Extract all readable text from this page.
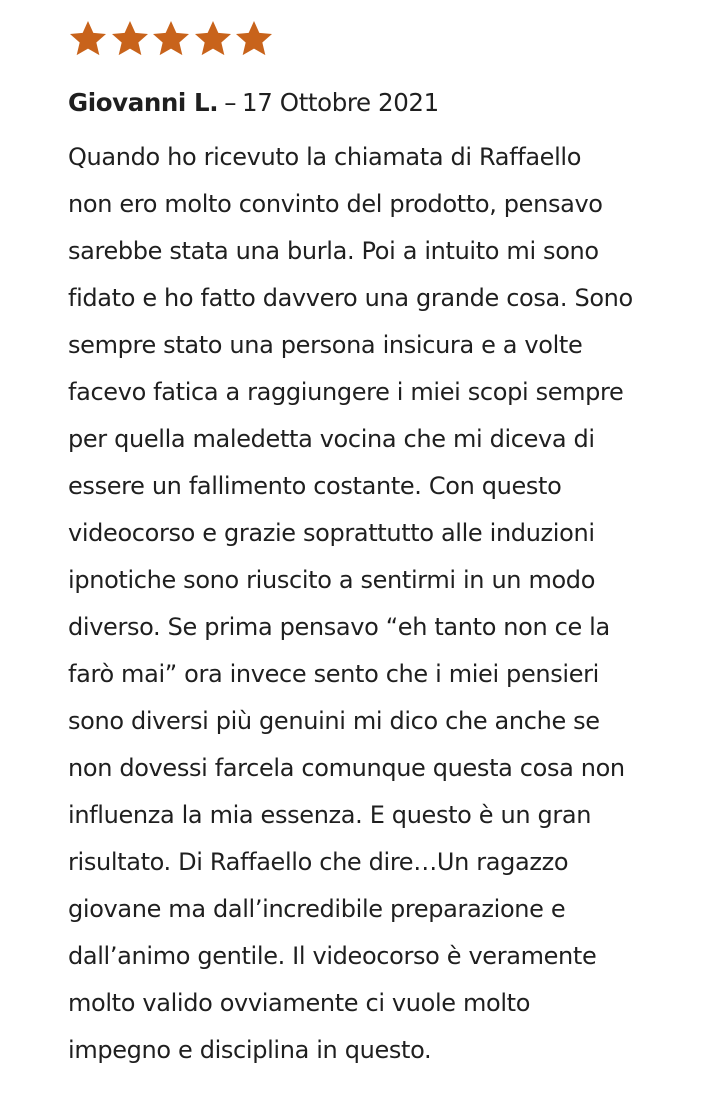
Giovanni L. – 17 Ottobre 2021
Quando ho ricevuto la chiamata di Raffaello
non ero molto convinto del prodotto, pensavo
sarebbe stata una burla. Poi a intuito mi sono
fidato e ho fatto davvero una grande cosa. Sono
sempre stato una persona insicura e a volte
facevo fatica a raggiungere i miei scopi sempre
per quella maledetta vocina che mi diceva di
essere un fallimento costante. Con questo
videocorso e grazie soprattutto alle induzioni
ipnotiche sono riuscito a sentirmi in un modo
diverso. Se prima pensavo “eh tanto non ce la
farò mai” ora invece sento che i miei pensieri
sono diversi più genuini mi dico che anche se
non dovessi farcela comunque questa cosa non
influenza la mia essenza. E questo è un gran
risultato. Di Raffaello che dire…Un ragazzo
giovane ma dall’incredibile preparazione e
dall’animo gentile. Il videocorso è veramente
molto valido ovviamente ci vuole molto
impegno e disciplina in questo.
